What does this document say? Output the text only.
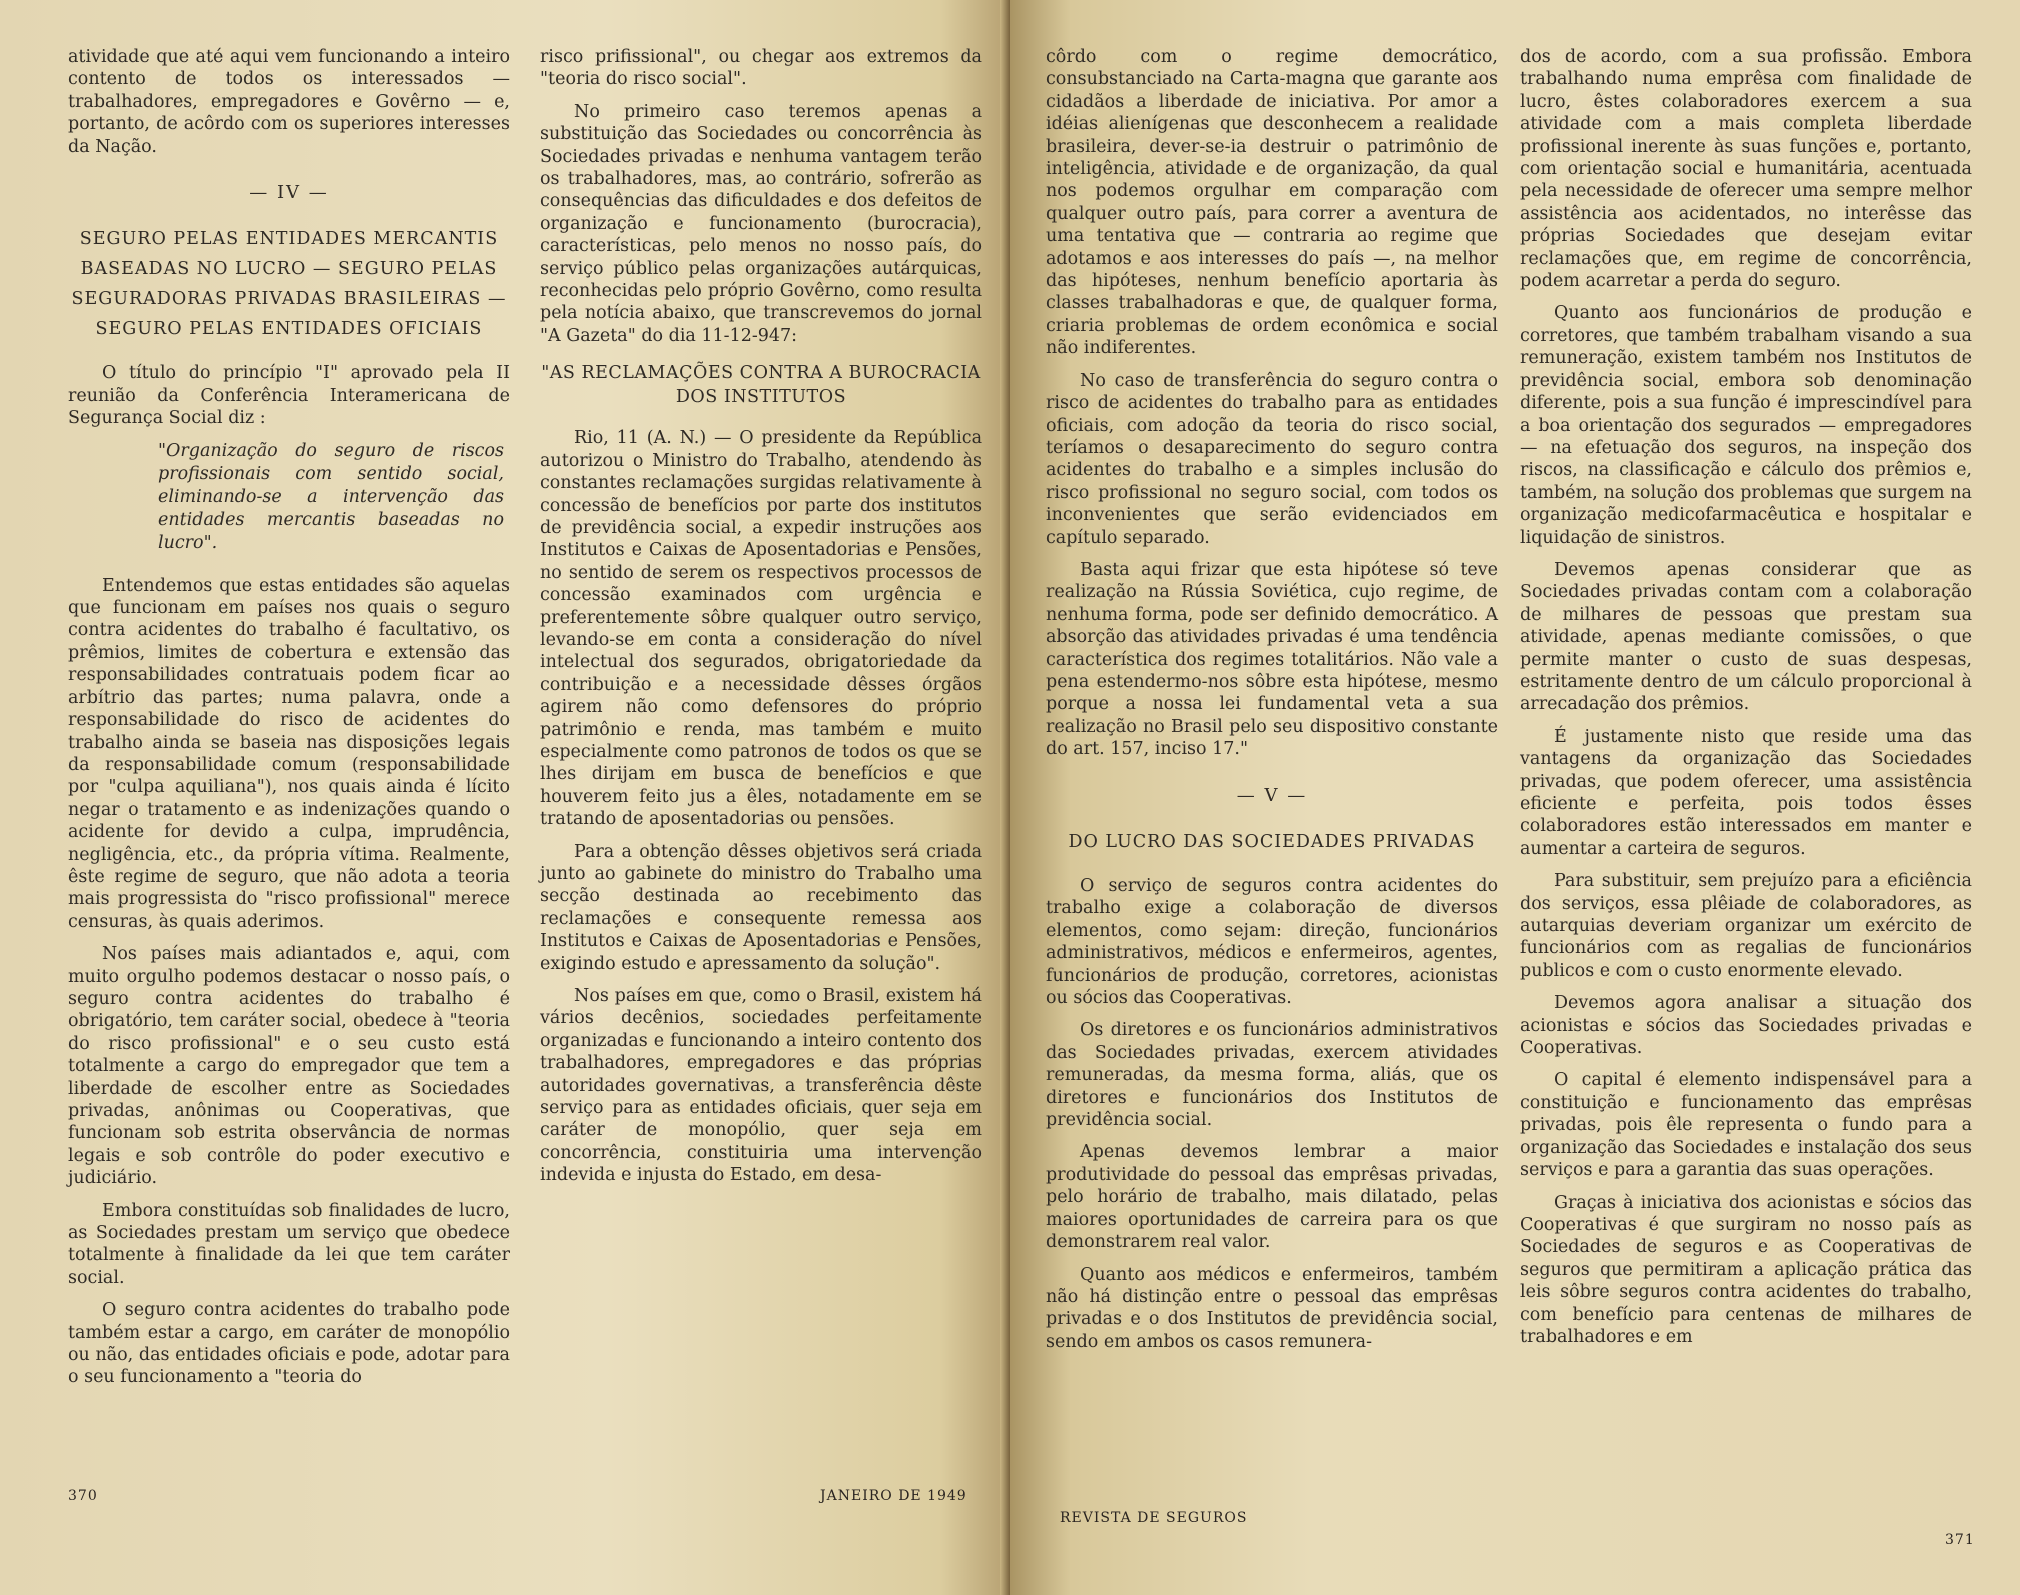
atividade que até aqui vem funcionando a inteiro contento de todos os interessados — trabalhadores, empregadores e Govêrno — e, portanto, de acôrdo com os superiores interesses da Nação.

— IV —
SEGURO PELAS ENTIDADES MERCANTIS BASEADAS NO LUCRO — SEGURO PELAS SEGURADORAS PRIVADAS BRASILEIRAS — SEGURO PELAS ENTIDADES OFICIAIS

O título do princípio "I" aprovado pela II reunião da Conferência Interamericana de Segurança Social diz :

"Organização do seguro de riscos profissionais com sentido social, eliminando-se a intervenção das entidades mercantis baseadas no lucro".

Entendemos que estas entidades são aquelas que funcionam em países nos quais o seguro contra acidentes do trabalho é facultativo, os prêmios, limites de cobertura e extensão das responsabilidades contratuais podem ficar ao arbítrio das partes; numa palavra, onde a responsabilidade do risco de acidentes do trabalho ainda se baseia nas disposições legais da responsabilidade comum (responsabilidade por "culpa aquiliana"), nos quais ainda é lícito negar o tratamento e as indenizações quando o acidente for devido a culpa, imprudência, negligência, etc., da própria vítima. Realmente, êste regime de seguro, que não adota a teoria mais progressista do "risco profissional" merece censuras, às quais aderimos.

Nos países mais adiantados e, aqui, com muito orgulho podemos destacar o nosso país, o seguro contra acidentes do trabalho é obrigatório, tem caráter social, obedece à "teoria do risco profissional" e o seu custo está totalmente a cargo do empregador que tem a liberdade de escolher entre as Sociedades privadas, anônimas ou Cooperativas, que funcionam sob estrita observância de normas legais e sob contrôle do poder executivo e judiciário.

Embora constituídas sob finalidades de lucro, as Sociedades prestam um serviço que obedece totalmente à finalidade da lei que tem caráter social.

O seguro contra acidentes do trabalho pode também estar a cargo, em caráter de monopólio ou não, das entidades oficiais e pode, adotar para o seu funcionamento a "teoria do

370

risco prifissional", ou chegar aos extremos da "teoria do risco social".

No primeiro caso teremos apenas a substituição das Sociedades ou concorrência às Sociedades privadas e nenhuma vantagem terão os trabalhadores, mas, ao contrário, sofrerão as consequências das dificuldades e dos defeitos de organização e funcionamento (burocracia), características, pelo menos no nosso país, do serviço público pelas organizações autárquicas, reconhecidas pelo próprio Govêrno, como resulta pela notícia abaixo, que transcrevemos do jornal "A Gazeta" do dia 11-12-947:

"AS RECLAMAÇÕES CONTRA A BUROCRACIA DOS INSTITUTOS

Rio, 11 (A. N.) — O presidente da República autorizou o Ministro do Trabalho, atendendo às constantes reclamações surgidas relativamente à concessão de benefícios por parte dos institutos de previdência social, a expedir instruções aos Institutos e Caixas de Aposentadorias e Pensões, no sentido de serem os respectivos processos de concessão examinados com urgência e preferentemente sôbre qualquer outro serviço, levando-se em conta a consideração do nível intelectual dos segurados, obrigatoriedade da contribuição e a necessidade dêsses órgãos agirem não como defensores do próprio patrimônio e renda, mas também e muito especialmente como patronos de todos os que se lhes dirijam em busca de benefícios e que houverem feito jus a êles, notadamente em se tratando de aposentadorias ou pensões.

Para a obtenção dêsses objetivos será criada junto ao gabinete do ministro do Trabalho uma secção destinada ao recebimento das reclamações e consequente remessa aos Institutos e Caixas de Aposentadorias e Pensões, exigindo estudo e apressamento da solução".

Nos países em que, como o Brasil, existem há vários decênios, sociedades perfeitamente organizadas e funcionando a inteiro contento dos trabalhadores, empregadores e das próprias autoridades governativas, a transferência dêste serviço para as entidades oficiais, quer seja em caráter de monopólio, quer seja em concorrência, constituiria uma intervenção indevida e injusta do Estado, em desa-

JANEIRO DE 1949

côrdo com o regime democrático, consubstanciado na Carta-magna que garante aos cidadãos a liberdade de iniciativa. Por amor a idéias alienígenas que desconhecem a realidade brasileira, dever-se-ia destruir o patrimônio de inteligência, atividade e de organização, da qual nos podemos orgulhar em comparação com qualquer outro país, para correr a aventura de uma tentativa que — contraria ao regime que adotamos e aos interesses do país —, na melhor das hipóteses, nenhum benefício aportaria às classes trabalhadoras e que, de qualquer forma, criaria problemas de ordem econômica e social não indiferentes.

No caso de transferência do seguro contra o risco de acidentes do trabalho para as entidades oficiais, com adoção da teoria do risco social, teríamos o desaparecimento do seguro contra acidentes do trabalho e a simples inclusão do risco profissional no seguro social, com todos os inconvenientes que serão evidenciados em capítulo separado.

Basta aqui frizar que esta hipótese só teve realização na Rússia Soviética, cujo regime, de nenhuma forma, pode ser definido democrático. A absorção das atividades privadas é uma tendência característica dos regimes totalitários. Não vale a pena estendermo-nos sôbre esta hipótese, mesmo porque a nossa lei fundamental veta a sua realização no Brasil pelo seu dispositivo constante do art. 157, inciso 17."

— V —
DO LUCRO DAS SOCIEDADES PRIVADAS

O serviço de seguros contra acidentes do trabalho exige a colaboração de diversos elementos, como sejam: direção, funcionários administrativos, médicos e enfermeiros, agentes, funcionários de produção, corretores, acionistas ou sócios das Cooperativas.

Os diretores e os funcionários administrativos das Sociedades privadas, exercem atividades remuneradas, da mesma forma, aliás, que os diretores e funcionários dos Institutos de previdência social.

Apenas devemos lembrar a maior produtividade do pessoal das emprêsas privadas, pelo horário de trabalho, mais dilatado, pelas maiores oportunidades de carreira para os que demonstrarem real valor.

Quanto aos médicos e enfermeiros, também não há distinção entre o pessoal das emprêsas privadas e o dos Institutos de previdência social, sendo em ambos os casos remunera-

REVISTA DE SEGUROS

dos de acordo, com a sua profissão. Embora trabalhando numa emprêsa com finalidade de lucro, êstes colaboradores exercem a sua atividade com a mais completa liberdade profissional inerente às suas funções e, portanto, com orientação social e humanitária, acentuada pela necessidade de oferecer uma sempre melhor assistência aos acidentados, no interêsse das próprias Sociedades que desejam evitar reclamações que, em regime de concorrência, podem acarretar a perda do seguro.

Quanto aos funcionários de produção e corretores, que também trabalham visando a sua remuneração, existem também nos Institutos de previdência social, embora sob denominação diferente, pois a sua função é imprescindível para a boa orientação dos segurados — empregadores — na efetuação dos seguros, na inspeção dos riscos, na classificação e cálculo dos prêmios e, também, na solução dos problemas que surgem na organização medicofarmacêutica e hospitalar e liquidação de sinistros.

Devemos apenas considerar que as Sociedades privadas contam com a colaboração de milhares de pessoas que prestam sua atividade, apenas mediante comissões, o que permite manter o custo de suas despesas, estritamente dentro de um cálculo proporcional à arrecadação dos prêmios.

É justamente nisto que reside uma das vantagens da organização das Sociedades privadas, que podem oferecer, uma assistência eficiente e perfeita, pois todos êsses colaboradores estão interessados em manter e aumentar a carteira de seguros.

Para substituir, sem prejuízo para a eficiência dos serviços, essa plêiade de colaboradores, as autarquias deveriam organizar um exército de funcionários com as regalias de funcionários publicos e com o custo enormente elevado.

Devemos agora analisar a situação dos acionistas e sócios das Sociedades privadas e Cooperativas.

O capital é elemento indispensável para a constituição e funcionamento das emprêsas privadas, pois êle representa o fundo para a organização das Sociedades e instalação dos seus serviços e para a garantia das suas operações.

Graças à iniciativa dos acionistas e sócios das Cooperativas é que surgiram no nosso país as Sociedades de seguros e as Cooperativas de seguros que permitiram a aplicação prática das leis sôbre seguros contra acidentes do trabalho, com benefício para centenas de milhares de trabalhadores e em

371
